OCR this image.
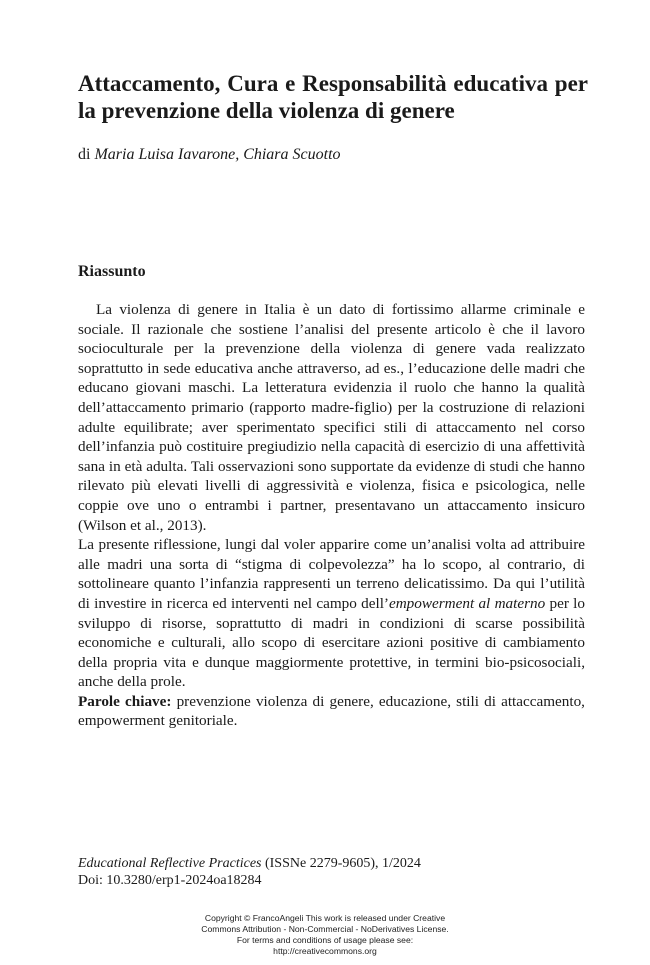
Attaccamento, Cura e Responsabilità educativa per la prevenzione della violenza di genere
di Maria Luisa Iavarone, Chiara Scuotto
Riassunto

La violenza di genere in Italia è un dato di fortissimo allarme criminale e sociale. Il razionale che sostiene l’analisi del presente articolo è che il lavoro socioculturale per la prevenzione della violenza di genere vada realizzato soprattutto in sede educativa anche attraverso, ad es., l’educazione delle madri che educano giovani maschi. La letteratura evidenzia il ruolo che hanno la qualità dell’attaccamento primario (rapporto madre-figlio) per la costruzione di relazioni adulte equilibrate; aver sperimentato specifici stili di attaccamento nel corso dell’infanzia può costituire pregiudizio nella capacità di esercizio di una affettività sana in età adulta. Tali osservazioni sono supportate da evidenze di studi che hanno rilevato più elevati livelli di aggressività e violenza, fisica e psicologica, nelle coppie ove uno o entrambi i partner, presentavano un attaccamento insicuro (Wilson et al., 2013).

La presente riflessione, lungi dal voler apparire come un’analisi volta ad attribuire alle madri una sorta di “stigma di colpevolezza” ha lo scopo, al contrario, di sottolineare quanto l’infanzia rappresenti un terreno delicatissimo. Da qui l’utilità di investire in ricerca ed interventi nel campo dell’empowerment al materno per lo sviluppo di risorse, soprattutto di madri in condizioni di scarse possibilità economiche e culturali, allo scopo di esercitare azioni positive di cambiamento della propria vita e dunque maggiormente protettive, in termini bio-psicosociali, anche della prole.

Parole chiave: prevenzione violenza di genere, educazione, stili di attaccamento, empowerment genitoriale.

Educational Reflective Practices (ISSNe 2279-9605), 1/2024
Doi: 10.3280/erp1-2024oa18284
Copyright © FrancoAngeli This work is released under Creative
Commons Attribution - Non-Commercial - NoDerivatives License.
For terms and conditions of usage please see:
http://creativecommons.org
